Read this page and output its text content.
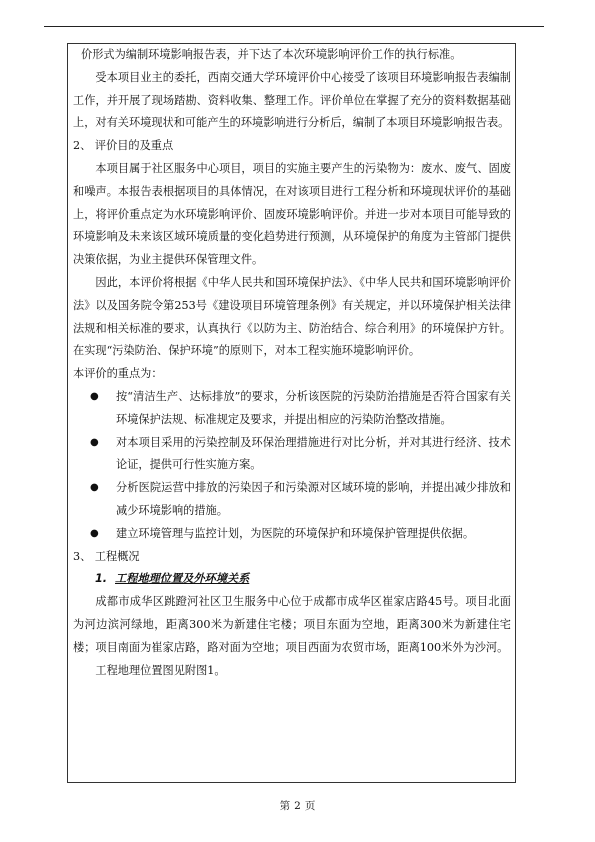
价形式为编制环境影响报告表，并下达了本次环境影响评价工作的执行标准。

受本项目业主的委托，西南交通大学环境评价中心接受了该项目环境影响报告表编制工作，并开展了现场踏勘、资料收集、整理工作。评价单位在掌握了充分的资料数据基础上，对有关环境现状和可能产生的环境影响进行分析后，编制了本项目环境影响报告表。

2、 评价目的及重点

本项目属于社区服务中心项目，项目的实施主要产生的污染物为：废水、废气、固废和噪声。本报告表根据项目的具体情况，在对该项目进行工程分析和环境现状评价的基础上，将评价重点定为水环境影响评价、固废环境影响评价。并进一步对本项目可能导致的环境影响及未来该区域环境质量的变化趋势进行预测，从环境保护的角度为主管部门提供决策依据，为业主提供环保管理文件。

因此，本评价将根据《中华人民共和国环境保护法》、《中华人民共和国环境影响评价法》以及国务院令第253号《建设项目环境管理条例》有关规定，并以环境保护相关法律法规和相关标准的要求，认真执行《以防为主、防治结合、综合利用》的环境保护方针。在实现“污染防治、保护环境”的原则下，对本工程实施环境影响评价。

本评价的重点为：

● 按“清洁生产、达标排放”的要求，分析该医院的污染防治措施是否符合国家有关环境保护法规、标准规定及要求，并提出相应的污染防治整改措施。
● 对本项目采用的污染控制及环保治理措施进行对比分析，并对其进行经济、技术论证，提供可行性实施方案。
● 分析医院运营中排放的污染因子和污染源对区域环境的影响，并提出减少排放和减少环境影响的措施。
● 建立环境管理与监控计划，为医院的环境保护和环境保护管理提供依据。

3、 工程概况

1. 工程地理位置及外环境关系

成都市成华区跳蹬河社区卫生服务中心位于成都市成华区崔家店路45号。项目北面为河边滨河绿地，距离300米为新建住宅楼；项目东面为空地，距离300米为新建住宅楼；项目南面为崔家店路，路对面为空地；项目西面为农贸市场，距离100米外为沙河。

工程地理位置图见附图1。

第 2 页
